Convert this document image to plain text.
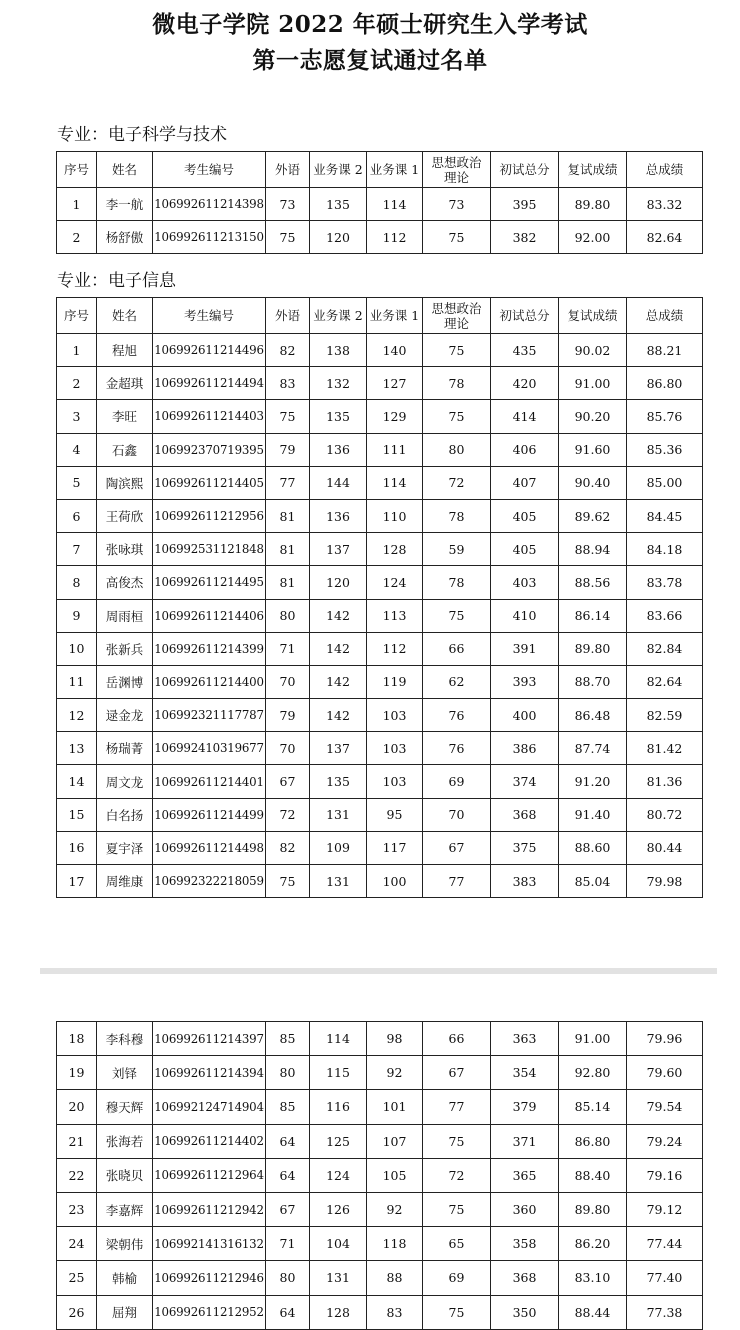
微电子学院 2022 年硕士研究生入学考试
第一志愿复试通过名单
专业：电子科学与技术
序号	姓名	考生编号	外语	业务课 2	业务课 1	思想政治理论	初试总分	复试成绩	总成绩
1	李一航	106992611214398	73	135	114	73	395	89.80	83.32
2	杨舒傲	106992611213150	75	120	112	75	382	92.00	82.64
专业：电子信息
序号	姓名	考生编号	外语	业务课 2	业务课 1	思想政治理论	初试总分	复试成绩	总成绩
1	程旭	106992611214496	82	138	140	75	435	90.02	88.21
2	金超琪	106992611214494	83	132	127	78	420	91.00	86.80
3	李旺	106992611214403	75	135	129	75	414	90.20	85.76
4	石鑫	106992370719395	79	136	111	80	406	91.60	85.36
5	陶滨熙	106992611214405	77	144	114	72	407	90.40	85.00
6	王荷欣	106992611212956	81	136	110	78	405	89.62	84.45
7	张咏琪	106992531121848	81	137	128	59	405	88.94	84.18
8	高俊杰	106992611214495	81	120	124	78	403	88.56	83.78
9	周雨桓	106992611214406	80	142	113	75	410	86.14	83.66
10	张新兵	106992611214399	71	142	112	66	391	89.80	82.84
11	岳渊博	106992611214400	70	142	119	62	393	88.70	82.64
12	逯金龙	106992321117787	79	142	103	76	400	86.48	82.59
13	杨瑞菁	106992410319677	70	137	103	76	386	87.74	81.42
14	周文龙	106992611214401	67	135	103	69	374	91.20	81.36
15	白名扬	106992611214499	72	131	95	70	368	91.40	80.72
16	夏宇泽	106992611214498	82	109	117	67	375	88.60	80.44
17	周维康	106992322218059	75	131	100	77	383	85.04	79.98
18	李科穆	106992611214397	85	114	98	66	363	91.00	79.96
19	刘铎	106992611214394	80	115	92	67	354	92.80	79.60
20	穆天辉	106992124714904	85	116	101	77	379	85.14	79.54
21	张海若	106992611214402	64	125	107	75	371	86.80	79.24
22	张晓贝	106992611212964	64	124	105	72	365	88.40	79.16
23	李嘉辉	106992611212942	67	126	92	75	360	89.80	79.12
24	梁朝伟	106992141316132	71	104	118	65	358	86.20	77.44
25	韩榆	106992611212946	80	131	88	69	368	83.10	77.40
26	屈翔	106992611212952	64	128	83	75	350	88.44	77.38
